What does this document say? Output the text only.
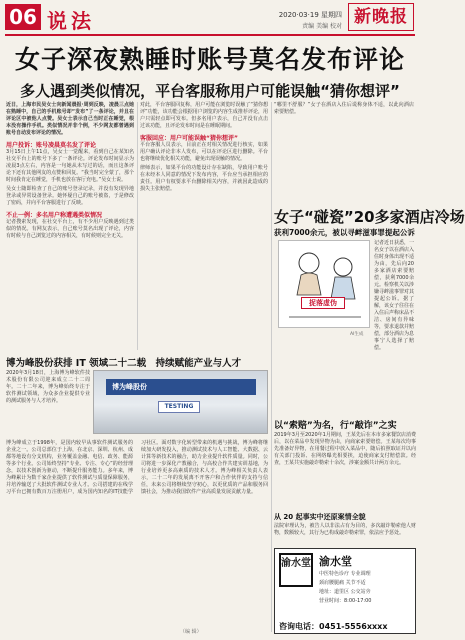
06 说法	2020·03·19 星期四
责编 美编 校对 新晚报
女子深夜熟睡时账号莫名发布评论
多人遇到类似情况，平台客服称用户可能误触“猜你想评”

近日，上海市民吴女士向新闻晨报·周到反映，凌晨三点她在熟睡中，自己的手机账号却“发布”了一条评论，并且在评论区中被他人点赞。吴女士表示自己当时正在睡觉，根本没有操作手机。类似情况并非个例，不少网友都曾遇到账号自动发布评论的情况。

用户投诉：账号凌晨莫名发了评论

3月15日上午11点，吴女士一觉醒来，看到自己在某知名社交平台上的账号下多了一条评论。评论发布时间显示为凌晨3点左右，内容是一句她从未写过的话，而且这条评论下还有其他网友的点赞和回复。“我当时完全蒙了，那个时间我肯定在睡觉，手机也放在客厅充电。”吴女士说。

吴女士随即检查了自己的账号登录记录，并没有发现异地登录或异常设备登录。她怀疑自己的账号被盗，于是修改了密码，并向平台客服进行了反映。

不止一例：多名用户称遭遇类似情况

记者搜索发现，在社交平台上，有不少用户反映遇到过类似的情况。有网友表示，自己账号莫名出现了评论，内容有时候与自己浏览过的内容相关，有时候则完全无关。

对此，平台客服回复称，用户可能在浏览时误触了“猜你想评”功能，该功能会根据用户浏览的内容生成推荐评论，用户只需轻点即可发布。但多名用户表示，自己并没有点击过该功能，且评论发布时间是在睡眠期间。

客服回应：用户可能误触“猜你想评”

平台客服人员表示，目前正在对相关情况进行核实，如果用户确认评论非本人发布，可以在评论区进行删除。平台也将继续优化相关功能，避免出现误触的情况。

律师表示，如果平台的功能设计存在缺陷，导致用户账号在未经本人同意的情况下发布内容，平台应当承担相应的责任。用户有权要求平台删除相关内容，并就因此造成的损失主张赔偿。

“哪里不舒服？”女子在酒店入住后谎称身体不适，以此向酒店索要赔偿。

女子“碰瓷”20多家酒店冷场
获利7000余元，被以寻衅滋事罪提起公诉
捉落虚伪
AI生成
记者近日获悉，一名女子以在酒店入住时身体出现不适为由，先后向20多家酒店索要赔偿，获利7000余元。检察机关以涉嫌寻衅滋事罪对其提起公诉。据了解，该女子往往在入住后声称床品不洁、房间有异味等，要求退款并赔偿，部分酒店为息事宁人选择了赔偿。
博为峰股份获排 IT 领域二十二载　持续赋能产业与人才
2020年3月18日，上海博为峰软件技术股份有限公司迎来成立二十二周年。二十二年来，博为峰始终专注于软件测试领域，为众多企业提供专业的测试服务与人才培养。
博为峰股份
TESTING
博为峰成立于1998年，是国内较早从事软件测试服务的企业之一。公司总部位于上海，在北京、深圳、杭州、成都等地设有分支机构，业务覆盖金融、电信、政务、能源等多个行业。公司始终坚持“专业、专注、专心”的经营理念，以技术创新为驱动，不断提升服务能力。多年来，博为峰累计为数千家企业提供了软件测试与质量保障服务，并培养输送了大批软件测试专业人才。公司搭建的在线学习平台已拥有数百万注册用户，成为国内知名的IT技能学习社区。面对数字化转型带来的机遇与挑战，博为峰将继续加大研发投入，推动测试技术与人工智能、大数据、云计算等新技术的融合，助力企业提升软件质量。同时，公司将进一步深化产教融合，与高校合作共建实训基地，为行业培养更多高素质的技术人才。博为峰相关负责人表示，二十二年的发展离不开客户和合作伙伴的支持与信任，未来公司将继续坚守初心，以更优质的产品和服务回馈社会，为推动我国软件产业高质量发展贡献力量。
以“索赔”为名，行“敲诈”之实
2019年3月至2020年1月期间，王某先后在本市多家餐饮店消费后，以在菜品中发现异物为由，向商家索要赔偿。王某每次均事先准备好异物，在用餐过程中放入菜品中，随后拍照取证并以向有关部门投诉、在网络曝光相要挟，迫使商家支付赔偿款。经查，王某共实施敲诈勒索十余次，涉案金额共计两万余元。
从 20 起事实中还原案情全貌
法院审理认为，被告人以非法占有为目的，多次敲诈勒索他人财物，数额较大，其行为已构成敲诈勒索罪，依法应予惩处。
渝水堂 渝水堂
中医特色诊疗 专业调理
颈肩腰腿痛 关节不适
地址：道里区 公交站旁
营业时间：8:00-17:00
咨询电话：0451-5556xxxx
（编 辑）
